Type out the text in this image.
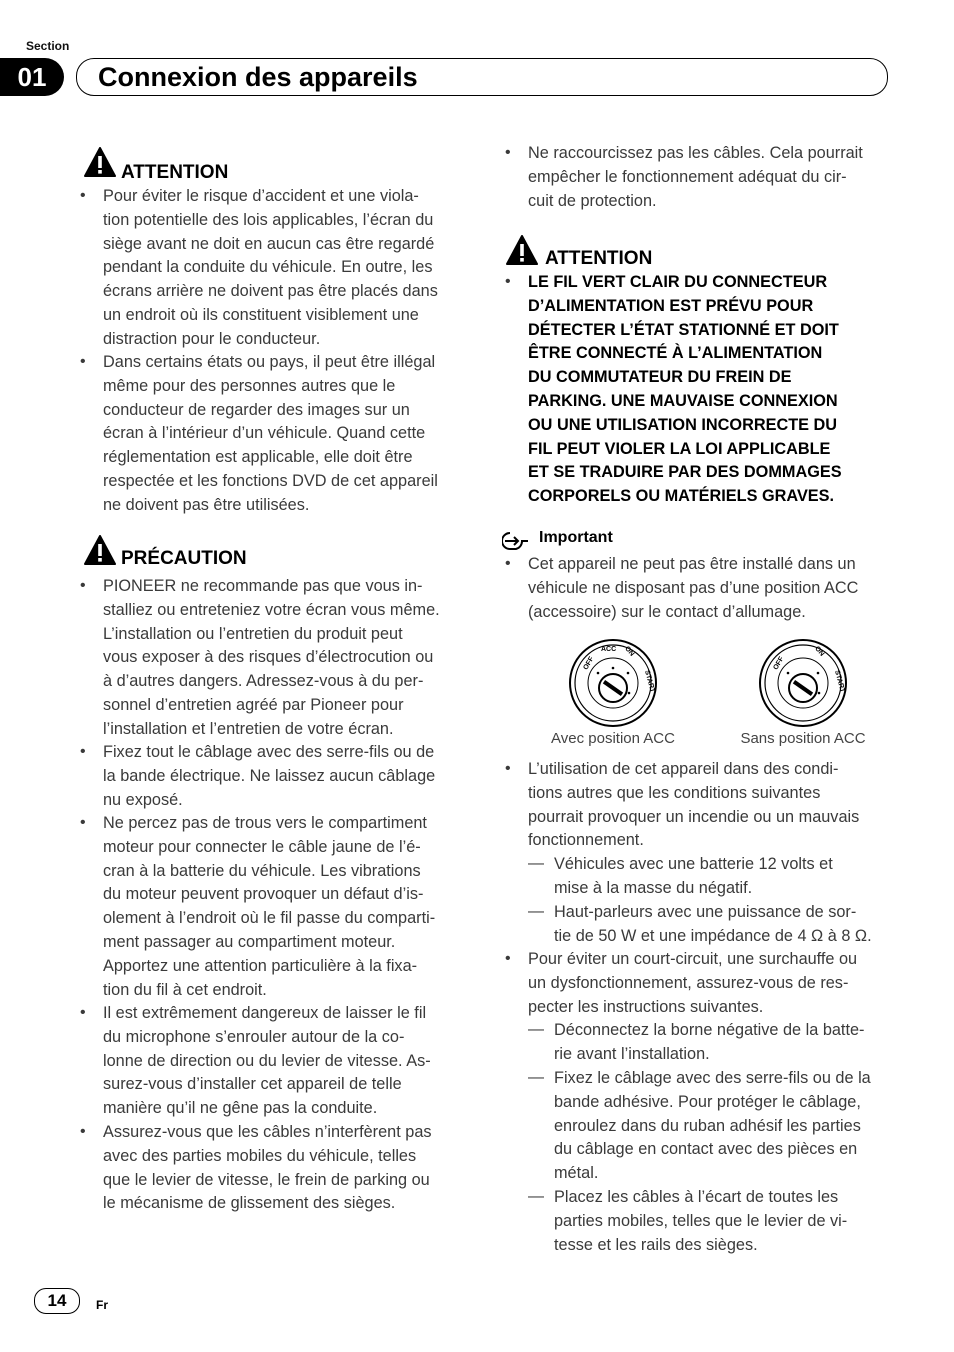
Section
01	Connexion des appareils
ATTENTION
• Pour éviter le risque d’accident et une viola-
tion potentielle des lois applicables, l’écran du
siège avant ne doit en aucun cas être regardé
pendant la conduite du véhicule. En outre, les
écrans arrière ne doivent pas être placés dans
un endroit où ils constituent visiblement une
distraction pour le conducteur.
• Dans certains états ou pays, il peut être illégal
même pour des personnes autres que le
conducteur de regarder des images sur un
écran à l’intérieur d’un véhicule. Quand cette
réglementation est applicable, elle doit être
respectée et les fonctions DVD de cet appareil
ne doivent pas être utilisées.
PRÉCAUTION
• PIONEER ne recommande pas que vous in-
stalliez ou entreteniez votre écran vous même.
L’installation ou l’entretien du produit peut
vous exposer à des risques d’électrocution ou
à d’autres dangers. Adressez-vous à du per-
sonnel d’entretien agréé par Pioneer pour
l’installation et l’entretien de votre écran.
• Fixez tout le câblage avec des serre-fils ou de
la bande électrique. Ne laissez aucun câblage
nu exposé.
• Ne percez pas de trous vers le compartiment
moteur pour connecter le câble jaune de l’é-
cran à la batterie du véhicule. Les vibrations
du moteur peuvent provoquer un défaut d’is-
olement à l’endroit où le fil passe du comparti-
ment passager au compartiment moteur.
Apportez une attention particulière à la fixa-
tion du fil à cet endroit.
• Il est extrêmement dangereux de laisser le fil
du microphone s’enrouler autour de la co-
lonne de direction ou du levier de vitesse. As-
surez-vous d’installer cet appareil de telle
manière qu’il ne gêne pas la conduite.
• Assurez-vous que les câbles n’interfèrent pas
avec des parties mobiles du véhicule, telles
que le levier de vitesse, le frein de parking ou
le mécanisme de glissement des sièges.
• Ne raccourcissez pas les câbles. Cela pourrait
empêcher le fonctionnement adéquat du cir-
cuit de protection.
ATTENTION
• LE FIL VERT CLAIR DU CONNECTEUR
D’ALIMENTATION EST PRÉVU POUR
DÉTECTER L’ÉTAT STATIONNÉ ET DOIT
ÊTRE CONNECTÉ À L’ALIMENTATION
DU COMMUTATEUR DU FREIN DE
PARKING. UNE MAUVAISE CONNEXION
OU UNE UTILISATION INCORRECTE DU
FIL PEUT VIOLER LA LOI APPLICABLE
ET SE TRADUIRE PAR DES DOMMAGES
CORPORELS OU MATÉRIELS GRAVES.
Important
• Cet appareil ne peut pas être installé dans un
véhicule ne disposant pas d’une position ACC
(accessoire) sur le contact d’allumage.
OFF
ACC ON
START
Avec position ACC
OFF
ON
START
Sans position ACC
• L’utilisation de cet appareil dans des condi-
tions autres que les conditions suivantes
pourrait provoquer un incendie ou un mauvais
fonctionnement.
— Véhicules avec une batterie 12 volts et
mise à la masse du négatif.
— Haut-parleurs avec une puissance de sor-
tie de 50 W et une impédance de 4 Ω à 8 Ω.
• Pour éviter un court-circuit, une surchauffe ou
un dysfonctionnement, assurez-vous de res-
pecter les instructions suivantes.
— Déconnectez la borne négative de la batte-
rie avant l’installation.
— Fixez le câblage avec des serre-fils ou de la
bande adhésive. Pour protéger le câblage,
enroulez dans du ruban adhésif les parties
du câblage en contact avec des pièces en
métal.
— Placez les câbles à l’écart de toutes les
parties mobiles, telles que le levier de vi-
tesse et les rails des sièges.
14	Fr
